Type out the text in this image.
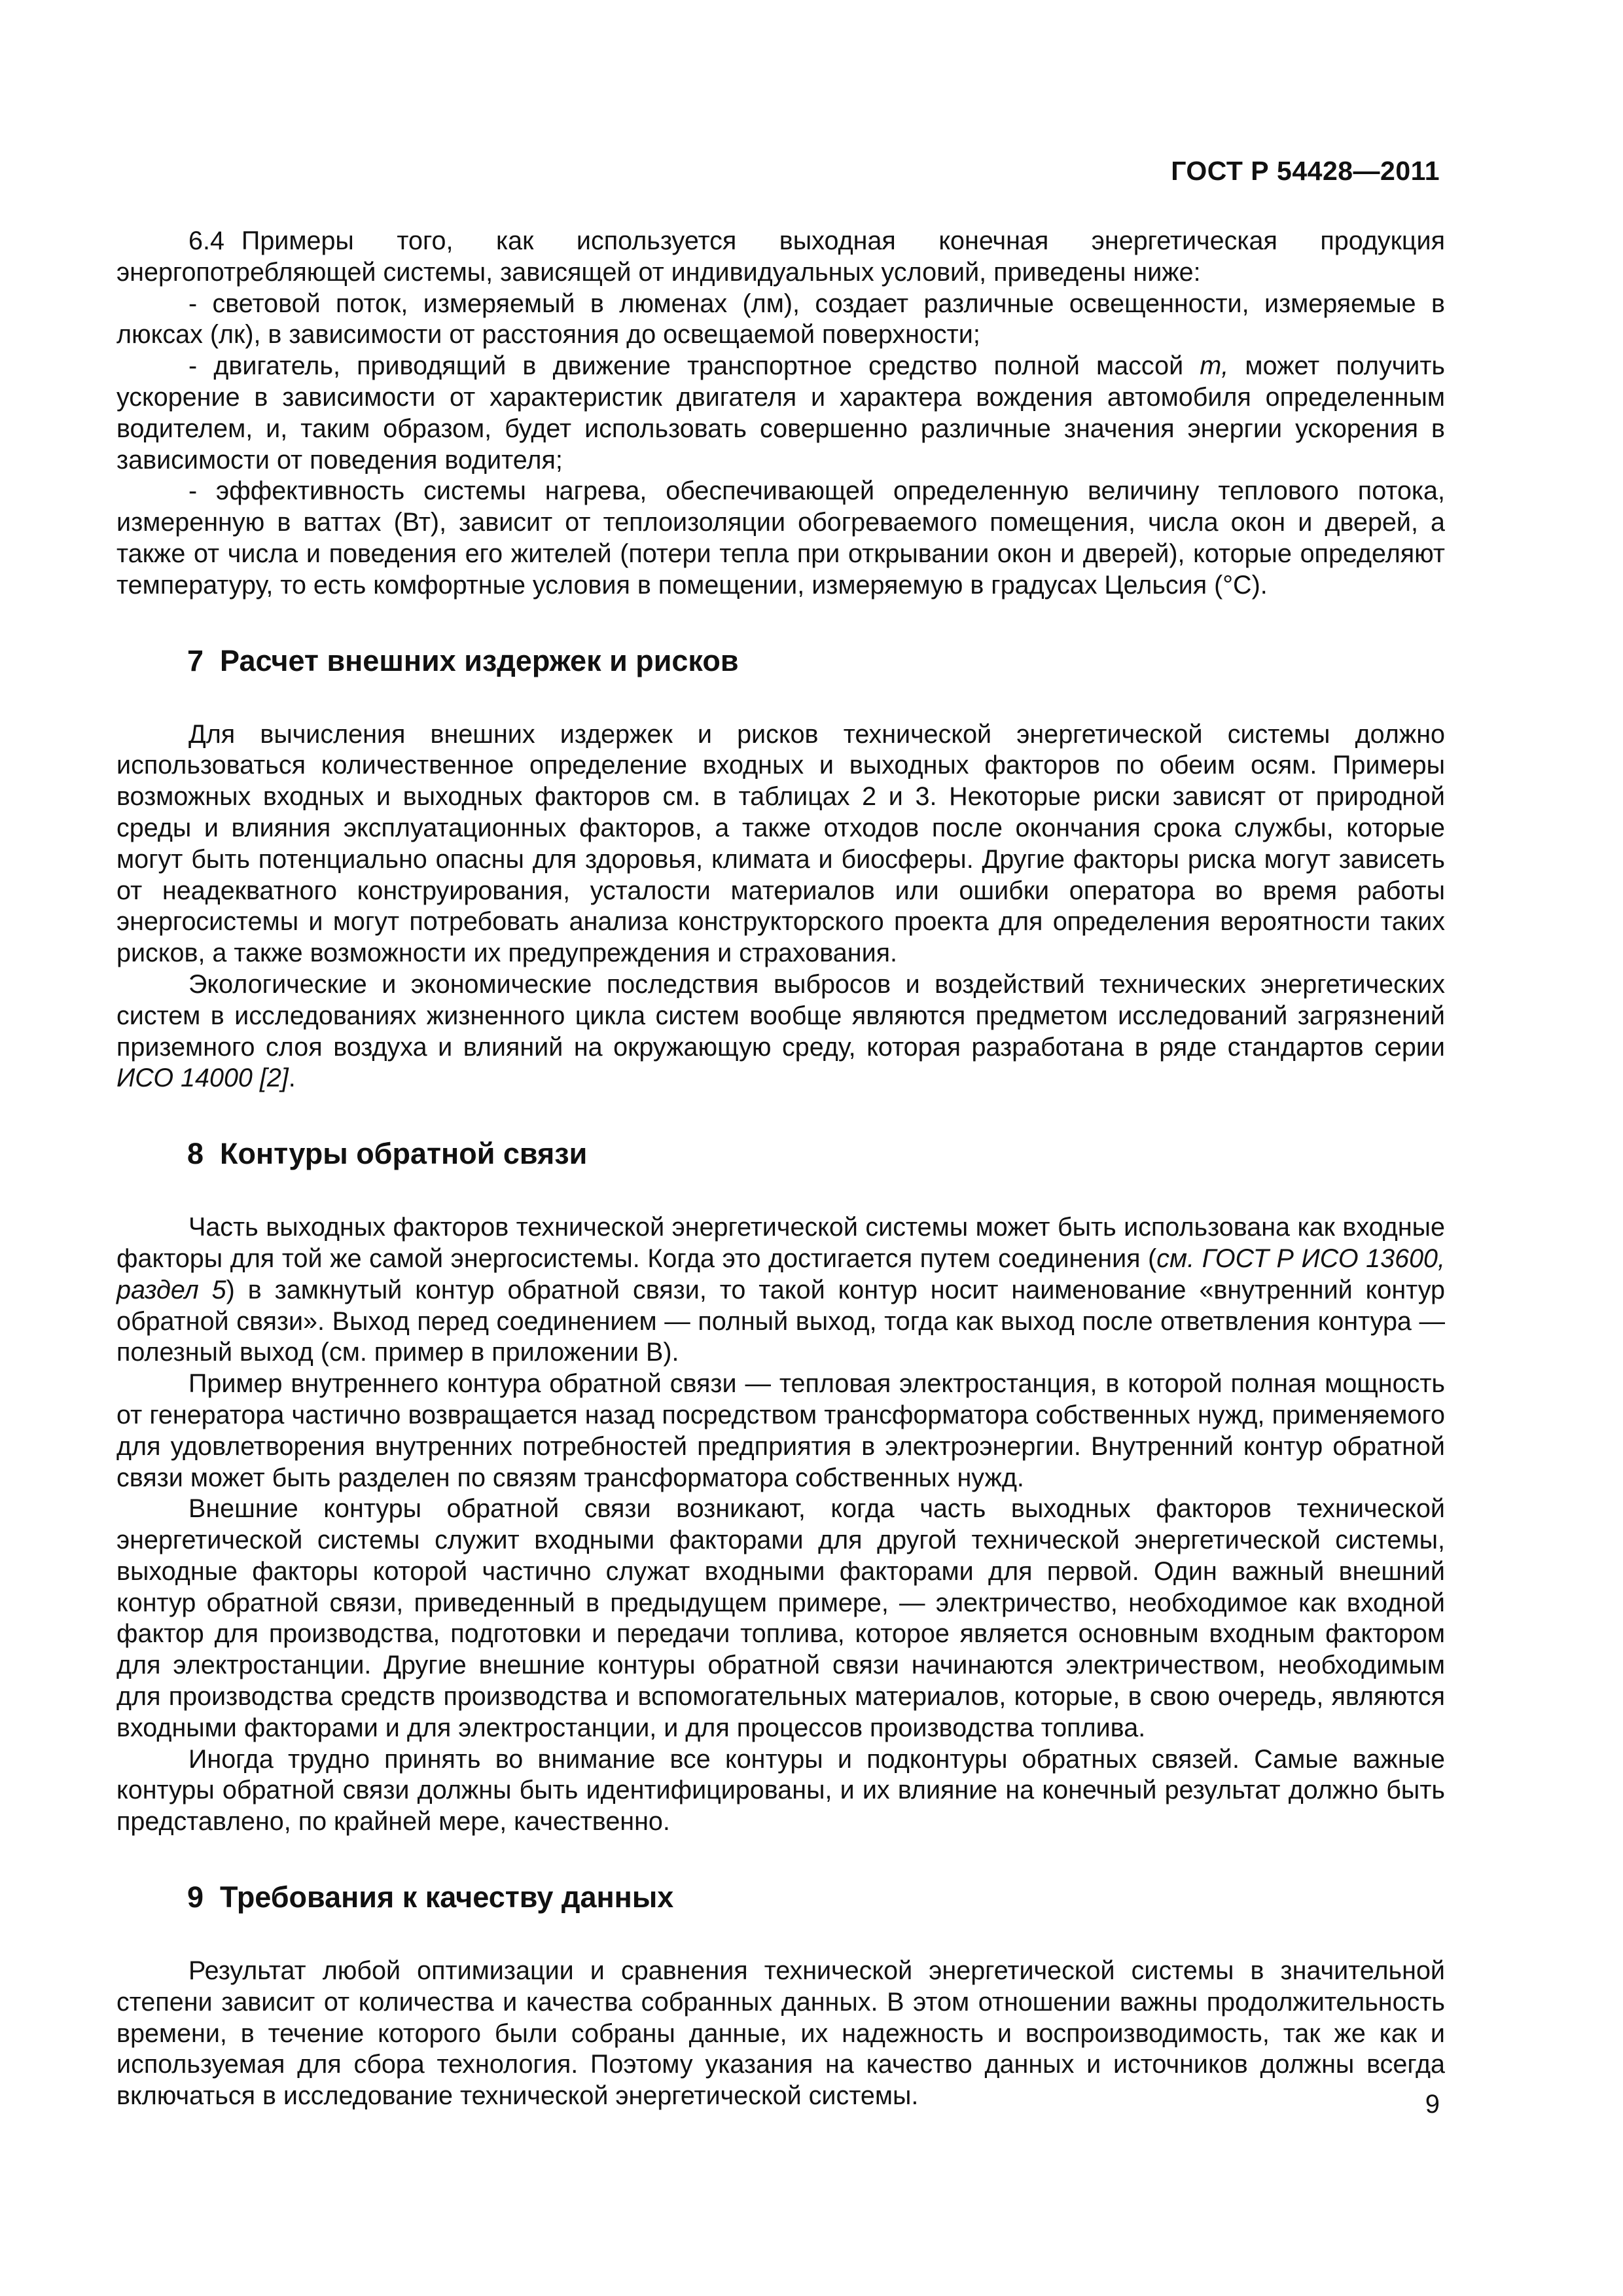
ГОСТ Р 54428—2011

6.4 Примеры того, как используется выходная конечная энергетическая продукция энергопотребляющей системы, зависящей от индивидуальных условий, приведены ниже:

- световой поток, измеряемый в люменах (лм), создает различные освещенности, измеряемые в люксах (лк), в зависимости от расстояния до освещаемой поверхности;

- двигатель, приводящий в движение транспортное средство полной массой m, может получить ускорение в зависимости от характеристик двигателя и характера вождения автомобиля определенным водителем, и, таким образом, будет использовать совершенно различные значения энергии ускорения в зависимости от поведения водителя;

- эффективность системы нагрева, обеспечивающей определенную величину теплового потока, измеренную в ваттах (Вт), зависит от теплоизоляции обогреваемого помещения, числа окон и дверей, а также от числа и поведения его жителей (потери тепла при открывании окон и дверей), которые определяют температуру, то есть комфортные условия в помещении, измеряемую в градусах Цельсия (°С).

7 Расчет внешних издержек и рисков

Для вычисления внешних издержек и рисков технической энергетической системы должно использоваться количественное определение входных и выходных факторов по обеим осям. Примеры возможных входных и выходных факторов см. в таблицах 2 и 3. Некоторые риски зависят от природной среды и влияния эксплуатационных факторов, а также отходов после окончания срока службы, которые могут быть потенциально опасны для здоровья, климата и биосферы. Другие факторы риска могут зависеть от неадекватного конструирования, усталости материалов или ошибки оператора во время работы энергосистемы и могут потребовать анализа конструкторского проекта для определения вероятности таких рисков, а также возможности их предупреждения и страхования.

Экологические и экономические последствия выбросов и воздействий технических энергетических систем в исследованиях жизненного цикла систем вообще являются предметом исследований загрязнений приземного слоя воздуха и влияний на окружающую среду, которая разработана в ряде стандартов серии ИСО 14000 [2].

8 Контуры обратной связи

Часть выходных факторов технической энергетической системы может быть использована как входные факторы для той же самой энергосистемы. Когда это достигается путем соединения (см. ГОСТ Р ИСО 13600, раздел 5) в замкнутый контур обратной связи, то такой контур носит наименование «внутренний контур обратной связи». Выход перед соединением — полный выход, тогда как выход после ответвления контура — полезный выход (см. пример в приложении В).

Пример внутреннего контура обратной связи — тепловая электростанция, в которой полная мощность от генератора частично возвращается назад посредством трансформатора собственных нужд, применяемого для удовлетворения внутренних потребностей предприятия в электроэнергии. Внутренний контур обратной связи может быть разделен по связям трансформатора собственных нужд.

Внешние контуры обратной связи возникают, когда часть выходных факторов технической энергетической системы служит входными факторами для другой технической энергетической системы, выходные факторы которой частично служат входными факторами для первой. Один важный внешний контур обратной связи, приведенный в предыдущем примере, — электричество, необходимое как входной фактор для производства, подготовки и передачи топлива, которое является основным входным фактором для электростанции. Другие внешние контуры обратной связи начинаются электричеством, необходимым для производства средств производства и вспомогательных материалов, которые, в свою очередь, являются входными факторами и для электростанции, и для процессов производства топлива.

Иногда трудно принять во внимание все контуры и подконтуры обратных связей. Самые важные контуры обратной связи должны быть идентифицированы, и их влияние на конечный результат должно быть представлено, по крайней мере, качественно.

9 Требования к качеству данных

Результат любой оптимизации и сравнения технической энергетической системы в значительной степени зависит от количества и качества собранных данных. В этом отношении важны продолжительность времени, в течение которого были собраны данные, их надежность и воспроизводимость, так же как и используемая для сбора технология. Поэтому указания на качество данных и источников должны всегда включаться в исследование технической энергетической системы.	9
